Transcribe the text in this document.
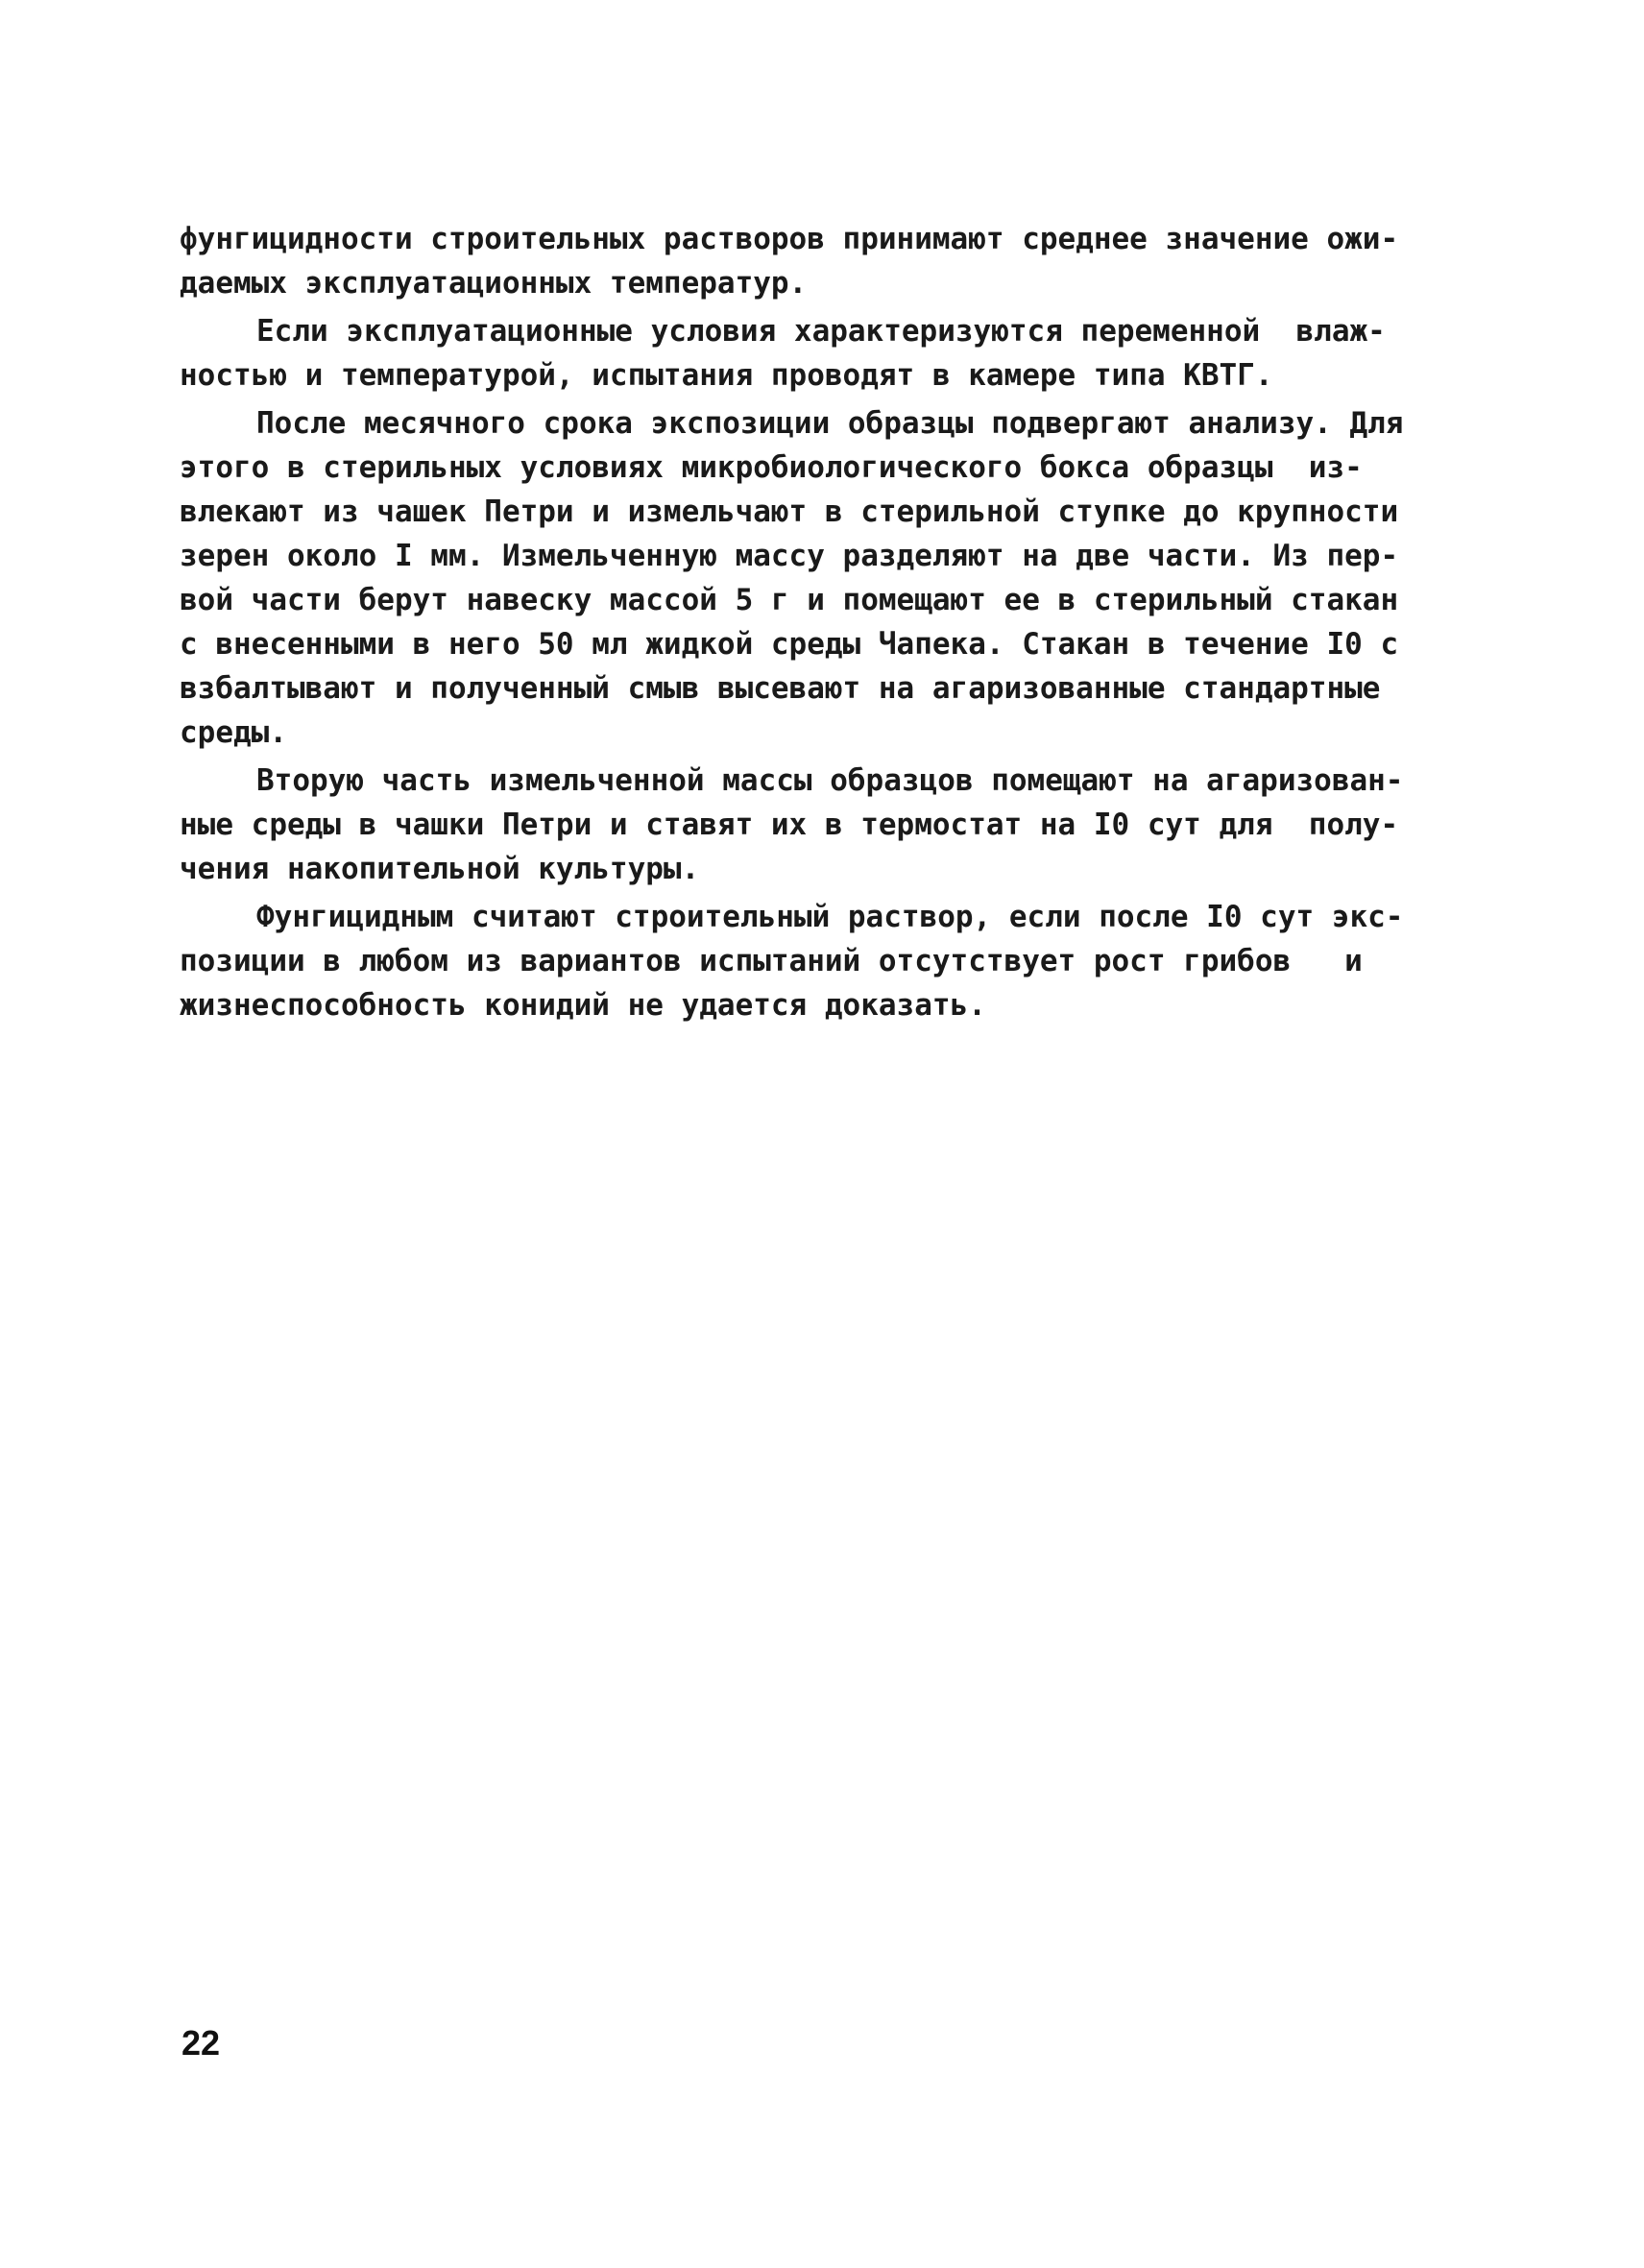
фунгицидности строительных растворов принимают среднее значение ожи-
даемых эксплуатационных температур.
Если эксплуатационные условия характеризуются переменной  влаж-
ностью и температурой, испытания проводят в камере типа КВТГ.
После месячного срока экспозиции образцы подвергают анализу. Для
этого в стерильных условиях микробиологического бокса образцы  из-
влекают из чашек Петри и измельчают в стерильной ступке до крупности
зерен около I мм. Измельченную массу разделяют на две части. Из пер-
вой части берут навеску массой 5 г и помещают ее в стерильный стакан
с внесенными в него 50 мл жидкой среды Чапека. Стакан в течение I0 с
взбалтывают и полученный смыв высевают на агаризованные стандартные
среды.
Вторую часть измельченной массы образцов помещают на агаризован-
ные среды в чашки Петри и ставят их в термостат на I0 сут для  полу-
чения накопительной культуры.
Фунгицидным считают строительный раствор, если после I0 сут экс-
позиции в любом из вариантов испытаний отсутствует рост грибов   и
жизнеспособность конидий не удается доказать.
22
